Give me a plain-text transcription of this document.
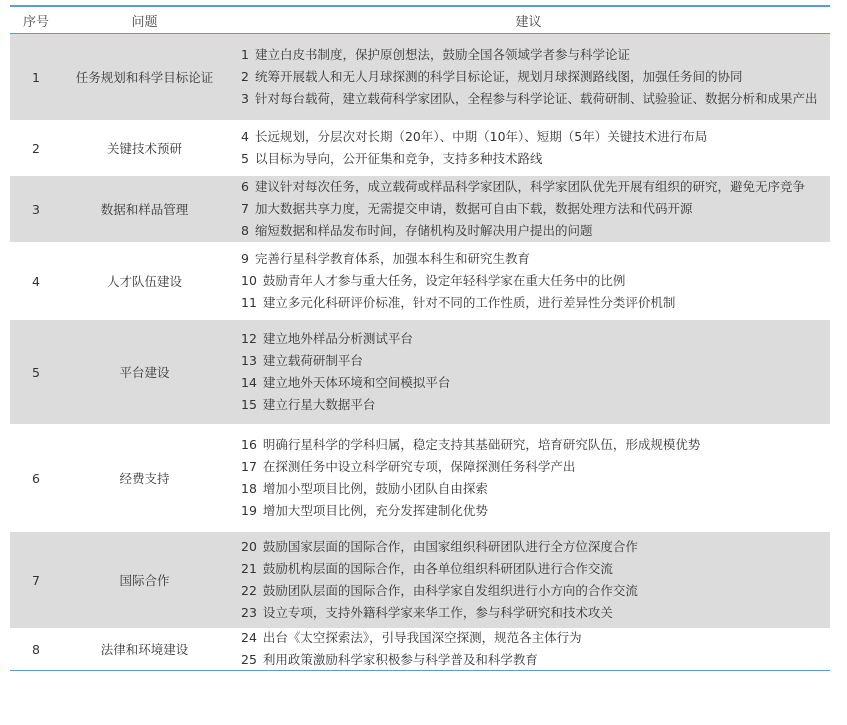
序号	问题	建议
1	任务规划和科学目标论证
1 建立白皮书制度，保护原创想法，鼓励全国各领域学者参与科学论证
2 统筹开展载人和无人月球探测的科学目标论证，规划月球探测路线图，加强任务间的协同
3 针对每台载荷，建立载荷科学家团队，全程参与科学论证、载荷研制、试验验证、数据分析和成果产出
2	关键技术预研
4 长远规划，分层次对长期（20年）、中期（10年）、短期（5年）关键技术进行布局
5 以目标为导向，公开征集和竞争，支持多种技术路线
3	数据和样品管理
6 建议针对每次任务，成立载荷或样品科学家团队，科学家团队优先开展有组织的研究，避免无序竞争
7 加大数据共享力度，无需提交申请，数据可自由下载，数据处理方法和代码开源
8 缩短数据和样品发布时间，存储机构及时解决用户提出的问题
4	人才队伍建设
9 完善行星科学教育体系，加强本科生和研究生教育
10 鼓励青年人才参与重大任务，设定年轻科学家在重大任务中的比例
11 建立多元化科研评价标准，针对不同的工作性质，进行差异性分类评价机制
5	平台建设
12 建立地外样品分析测试平台
13 建立载荷研制平台
14 建立地外天体环境和空间模拟平台
15 建立行星大数据平台
6	经费支持
16 明确行星科学的学科归属，稳定支持其基础研究，培育研究队伍，形成规模优势
17 在探测任务中设立科学研究专项，保障探测任务科学产出
18 增加小型项目比例，鼓励小团队自由探索
19 增加大型项目比例，充分发挥建制化优势
7	国际合作
20 鼓励国家层面的国际合作，由国家组织科研团队进行全方位深度合作
21 鼓励机构层面的国际合作，由各单位组织科研团队进行合作交流
22 鼓励团队层面的国际合作，由科学家自发组织进行小方向的合作交流
23 设立专项，支持外籍科学家来华工作，参与科学研究和技术攻关
8	法律和环境建设
24 出台《太空探索法》，引导我国深空探测，规范各主体行为
25 利用政策激励科学家积极参与科学普及和科学教育
